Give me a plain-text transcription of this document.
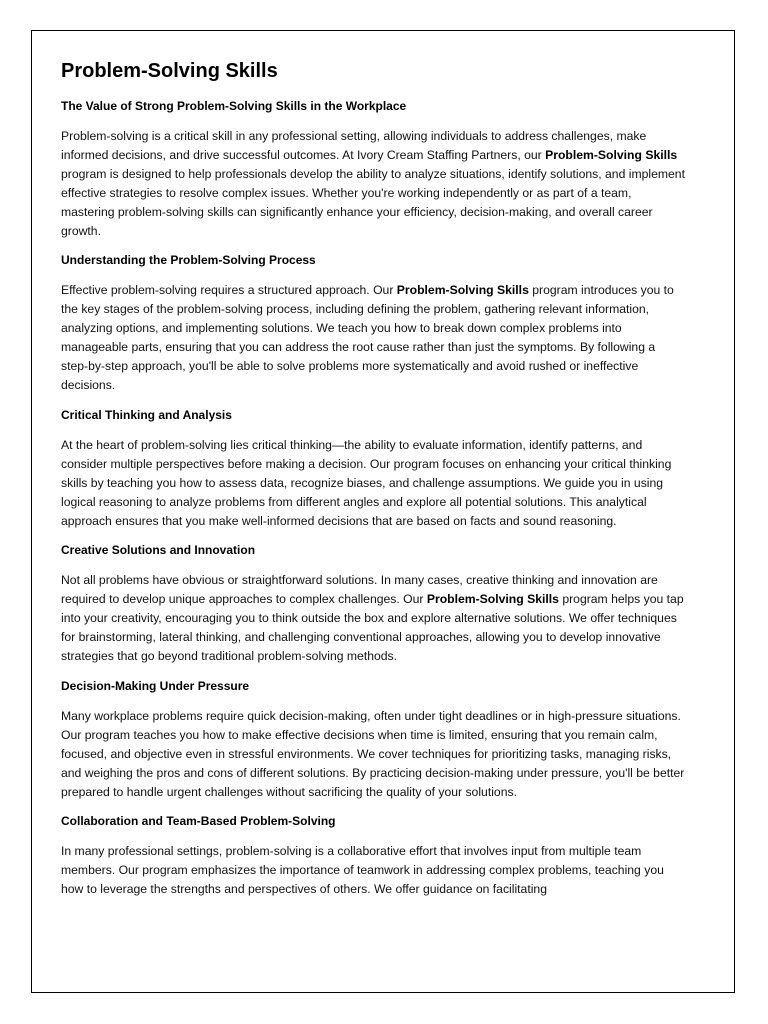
Problem-Solving Skills
The Value of Strong Problem-Solving Skills in the Workplace

Problem-solving is a critical skill in any professional setting, allowing individuals to address challenges, make informed decisions, and drive successful outcomes. At Ivory Cream Staffing Partners, our Problem-Solving Skills program is designed to help professionals develop the ability to analyze situations, identify solutions, and implement effective strategies to resolve complex issues. Whether you're working independently or as part of a team, mastering problem-solving skills can significantly enhance your efficiency, decision-making, and overall career growth.

Understanding the Problem-Solving Process

Effective problem-solving requires a structured approach. Our Problem-Solving Skills program introduces you to the key stages of the problem-solving process, including defining the problem, gathering relevant information, analyzing options, and implementing solutions. We teach you how to break down complex problems into manageable parts, ensuring that you can address the root cause rather than just the symptoms. By following a step-by-step approach, you'll be able to solve problems more systematically and avoid rushed or ineffective decisions.

Critical Thinking and Analysis

At the heart of problem-solving lies critical thinking—the ability to evaluate information, identify patterns, and consider multiple perspectives before making a decision. Our program focuses on enhancing your critical thinking skills by teaching you how to assess data, recognize biases, and challenge assumptions. We guide you in using logical reasoning to analyze problems from different angles and explore all potential solutions. This analytical approach ensures that you make well-informed decisions that are based on facts and sound reasoning.

Creative Solutions and Innovation

Not all problems have obvious or straightforward solutions. In many cases, creative thinking and innovation are required to develop unique approaches to complex challenges. Our Problem-Solving Skills program helps you tap into your creativity, encouraging you to think outside the box and explore alternative solutions. We offer techniques for brainstorming, lateral thinking, and challenging conventional approaches, allowing you to develop innovative strategies that go beyond traditional problem-solving methods.

Decision-Making Under Pressure

Many workplace problems require quick decision-making, often under tight deadlines or in high-pressure situations. Our program teaches you how to make effective decisions when time is limited, ensuring that you remain calm, focused, and objective even in stressful environments. We cover techniques for prioritizing tasks, managing risks, and weighing the pros and cons of different solutions. By practicing decision-making under pressure, you'll be better prepared to handle urgent challenges without sacrificing the quality of your solutions.

Collaboration and Team-Based Problem-Solving

In many professional settings, problem-solving is a collaborative effort that involves input from multiple team members. Our program emphasizes the importance of teamwork in addressing complex problems, teaching you how to leverage the strengths and perspectives of others. We offer guidance on facilitating
